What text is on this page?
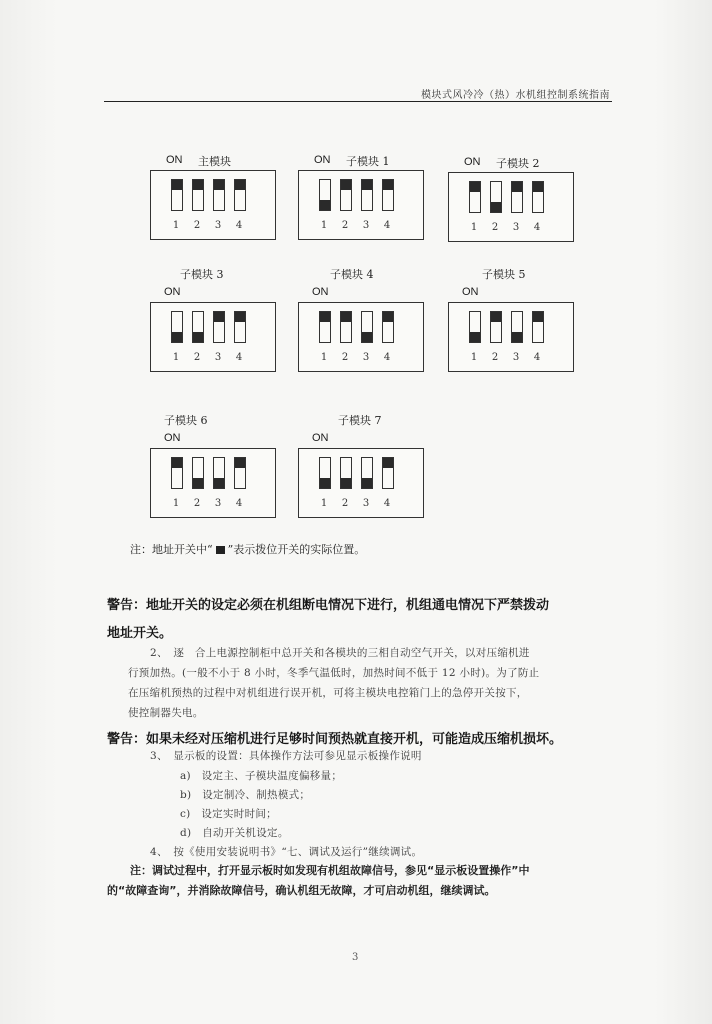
模块式风冷冷（热）水机组控制系统指南
ON 主模块
1	2	3	4
ON 子模块 1
1	2	3	4
ON 子模块 2
1	2	3	4
子模块 3
ON
1	2	3	4
子模块 4
ON
1	2	3	4
子模块 5
ON
1	2	3	4
子模块 6
ON
1	2	3	4
子模块 7
ON
1	2	3	4
注：地址开关中“ ”表示拨位开关的实际位置。
警告：地址开关的设定必须在机组断电情况下进行，机组通电情况下严禁拨动
地址开关。
2、　逐　合上电源控制柜中总开关和各模块的三相自动空气开关，以对压缩机进
行预加热。(一般不小于 8 小时，冬季气温低时，加热时间不低于 12 小时)。为了防止
在压缩机预热的过程中对机组进行误开机，可将主模块电控箱门上的急停开关按下，
使控制器失电。
警告：如果未经对压缩机进行足够时间预热就直接开机，可能造成压缩机损坏。
3、　显示板的设置：具体操作方法可参见显示板操作说明
a)　设定主、子模块温度偏移量；
b)　设定制冷、制热模式；
c)　设定实时时间；
d)　自动开关机设定。
4、　按《使用安装说明书》“七、调试及运行”继续调试。
注：调试过程中，打开显示板时如发现有机组故障信号，参见“显示板设置操作”中
的“故障查询”，并消除故障信号，确认机组无故障，才可启动机组，继续调试。
3
